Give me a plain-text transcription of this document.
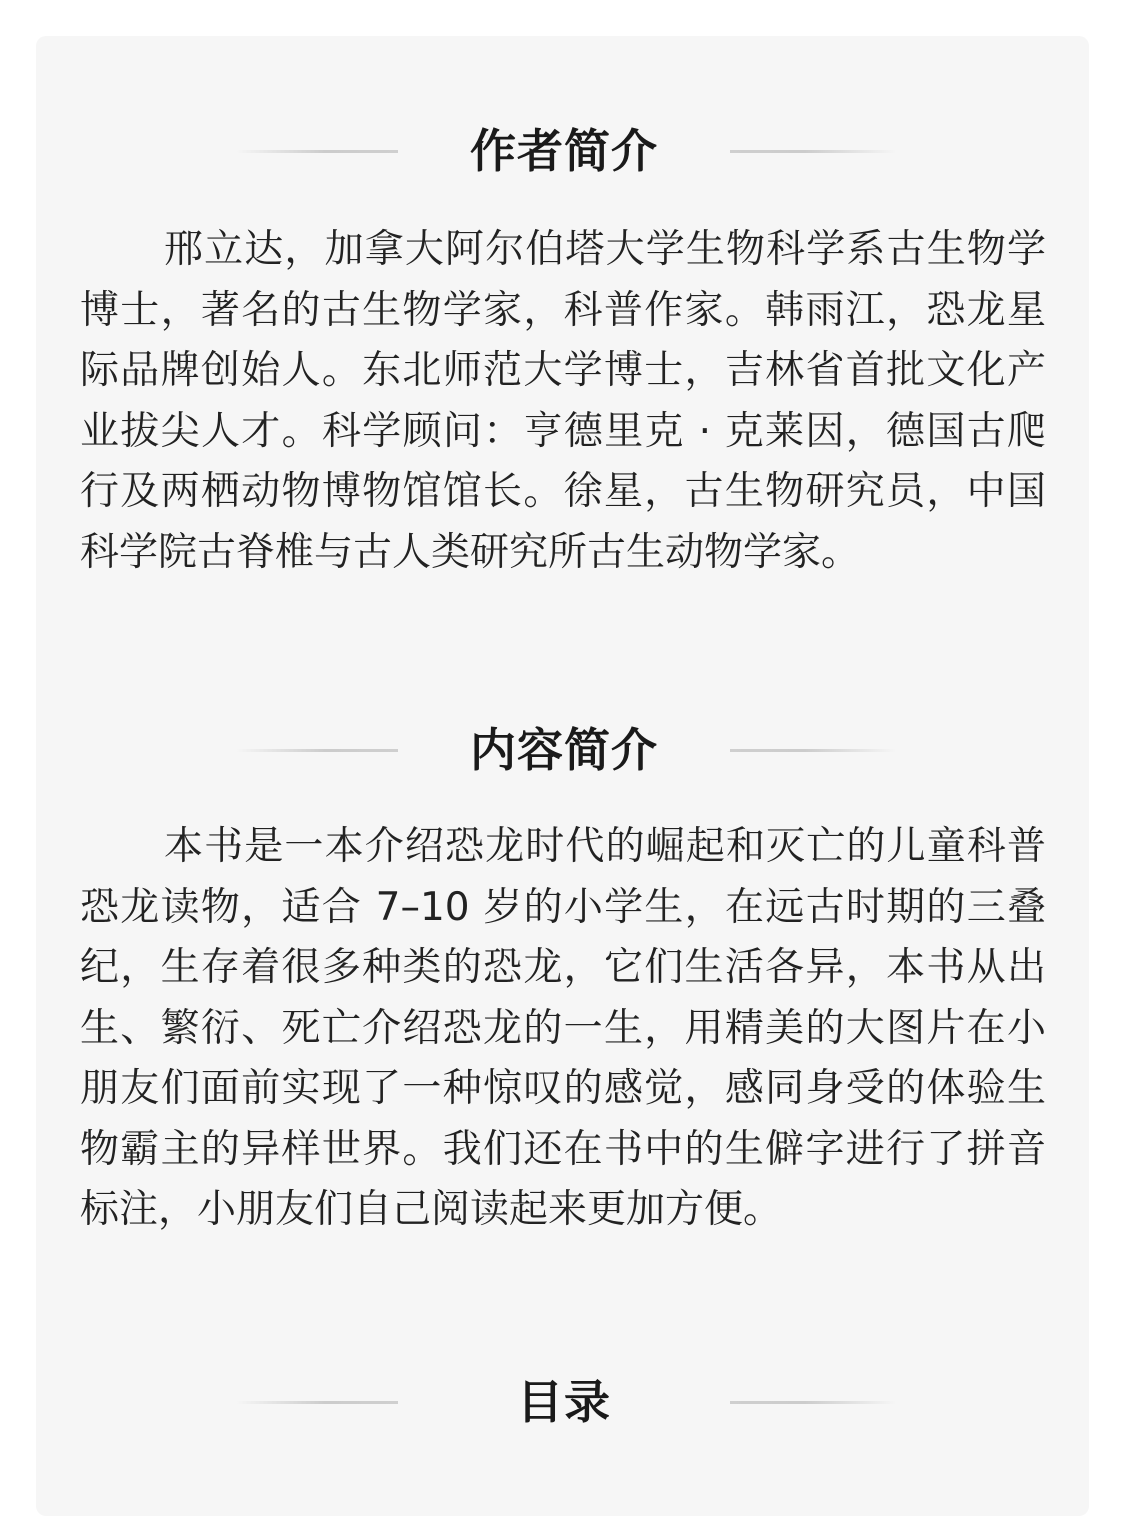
作者简介

邢立达，加拿大阿尔伯塔大学生物科学系古生物学博士，著名的古生物学家，科普作家。韩雨江，恐龙星际品牌创始人。东北师范大学博士，吉林省首批文化产业拔尖人才。科学顾问：亨德里克 · 克莱因，德国古爬行及两栖动物博物馆馆长。徐星，古生物研究员，中国科学院古脊椎与古人类研究所古生动物学家。

内容简介

本书是一本介绍恐龙时代的崛起和灭亡的儿童科普恐龙读物，适合 7–10 岁的小学生，在远古时期的三叠纪，生存着很多种类的恐龙，它们生活各异，本书从出生、繁衍、死亡介绍恐龙的一生，用精美的大图片在小朋友们面前实现了一种惊叹的感觉，感同身受的体验生物霸主的异样世界。我们还在书中的生僻字进行了拼音标注，小朋友们自己阅读起来更加方便。

目录
